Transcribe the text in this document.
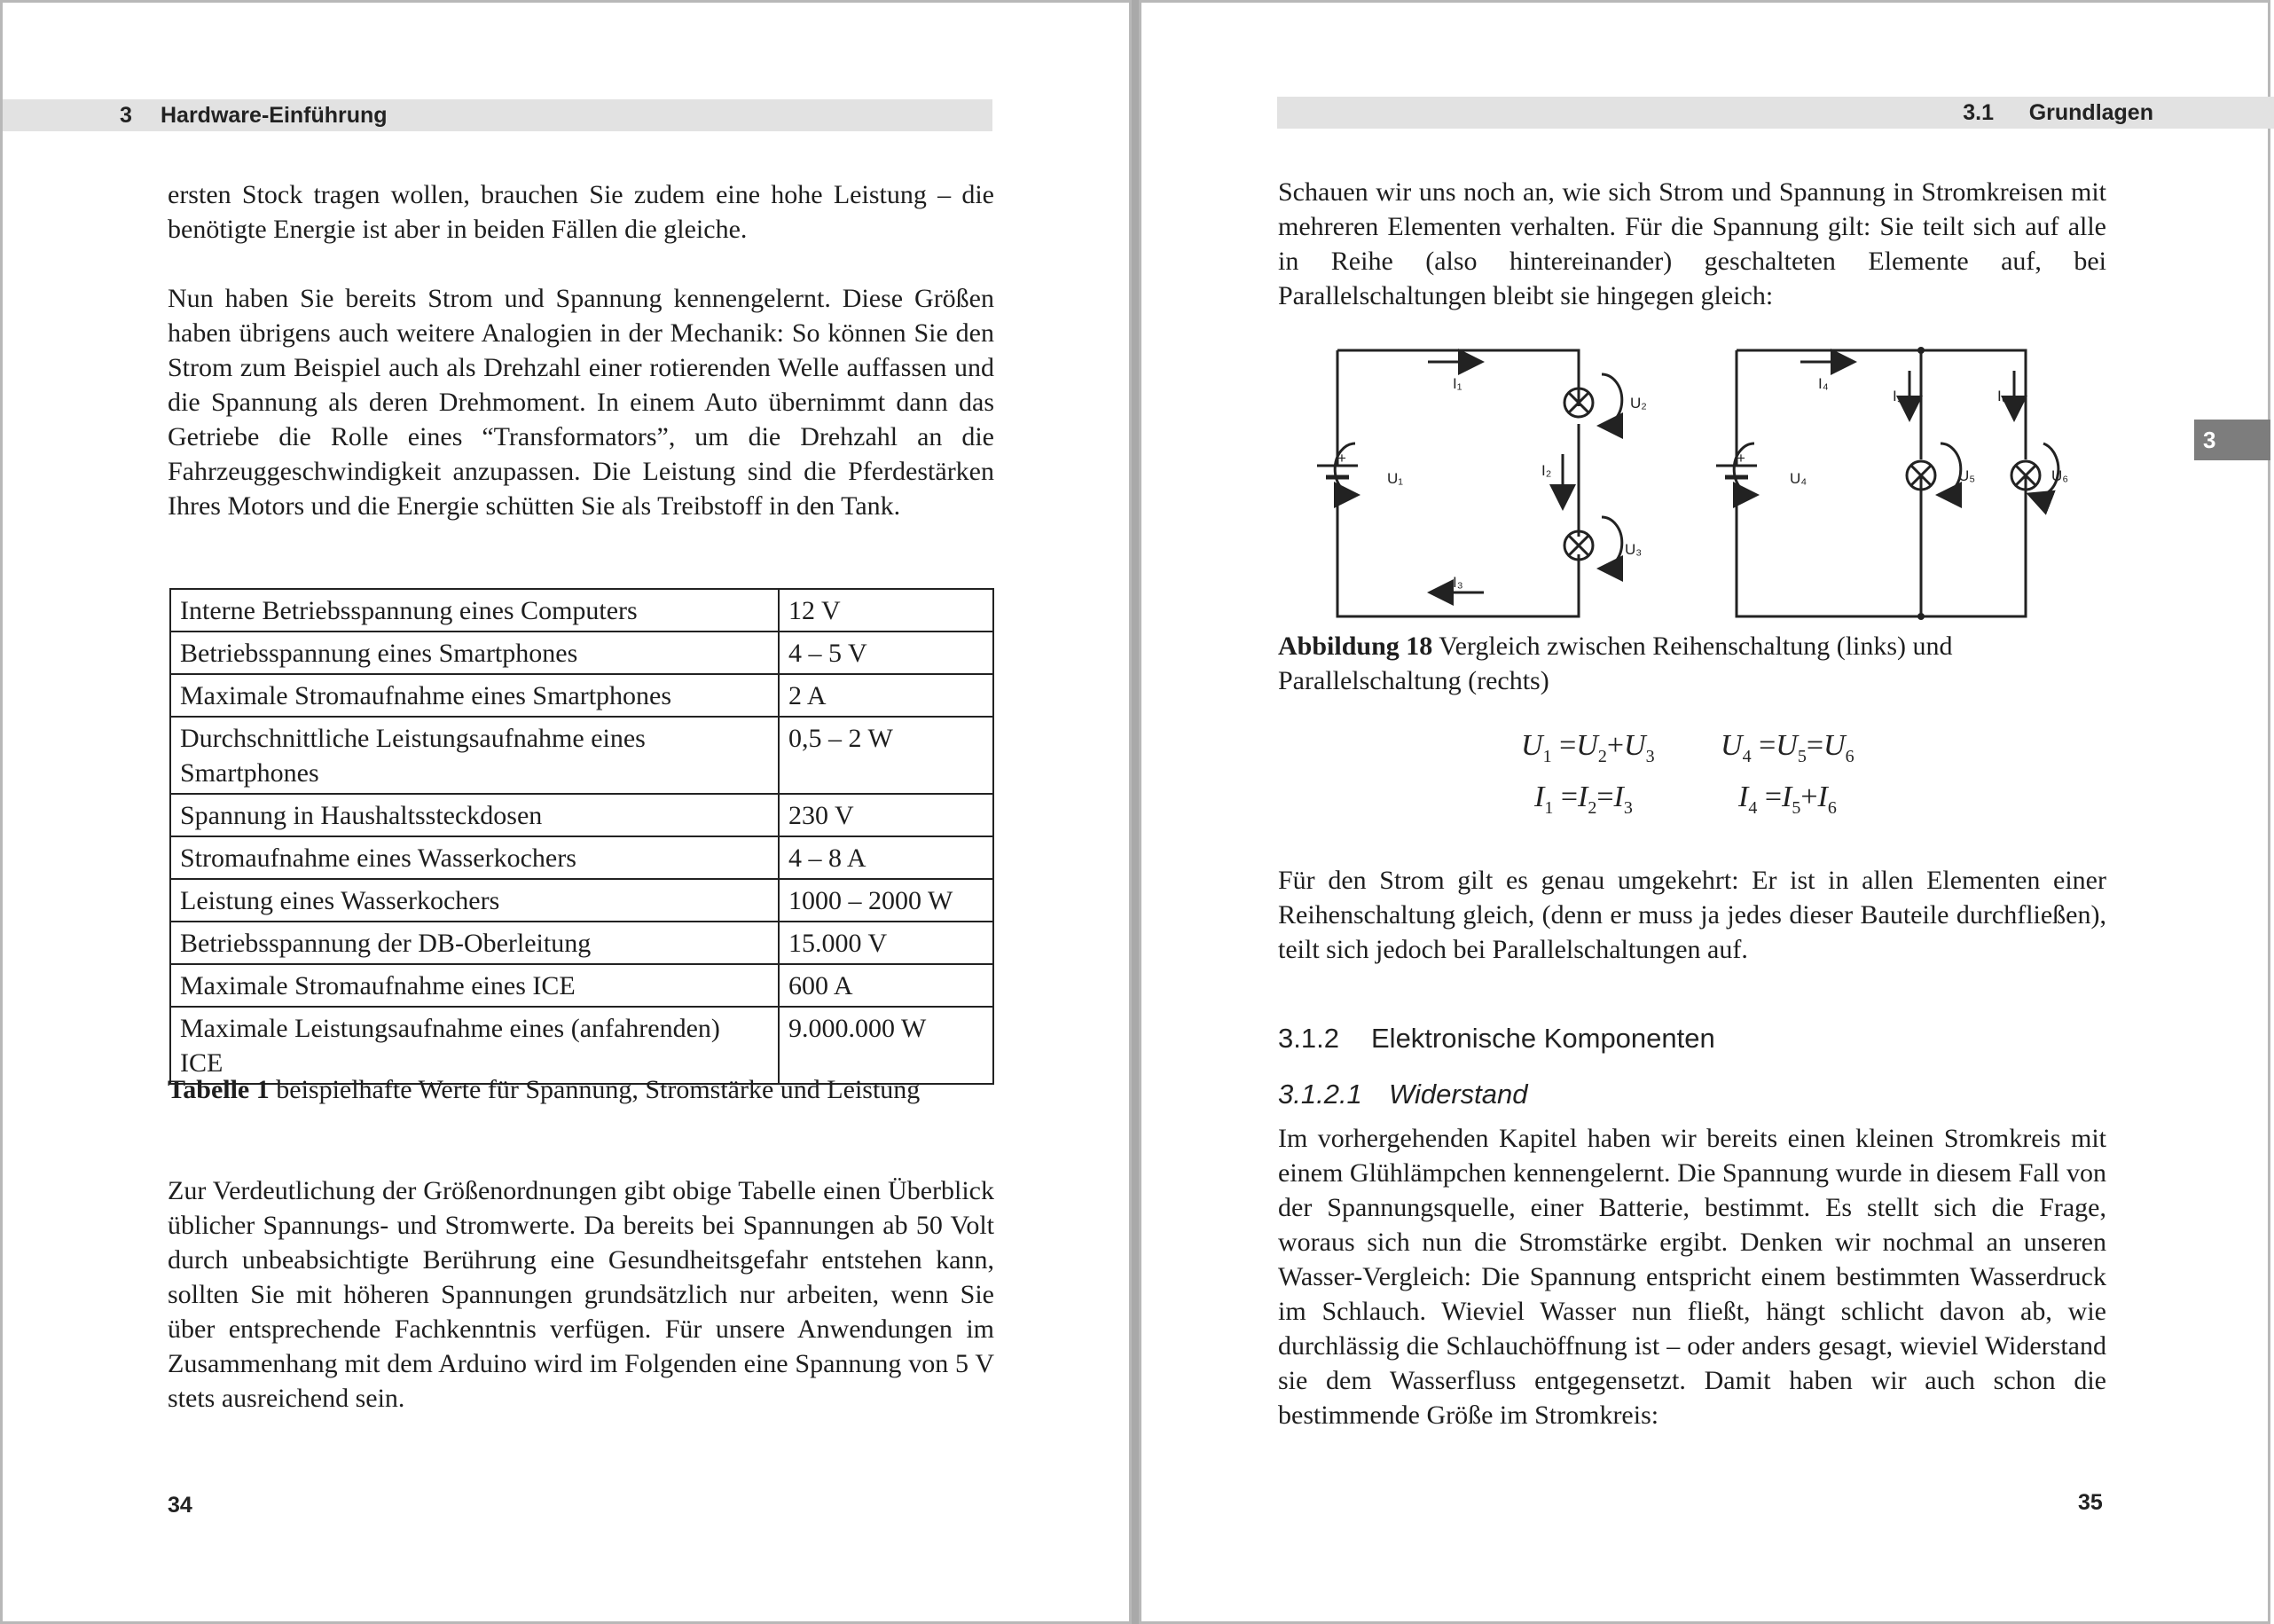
3 Hardware-Einführung

ersten Stock tragen wollen, brauchen Sie zudem eine hohe Leistung – die benötigte Energie ist aber in beiden Fällen die gleiche.

Nun haben Sie bereits Strom und Spannung kennengelernt. Diese Größen haben übrigens auch weitere Analogien in der Mechanik: So können Sie den Strom zum Beispiel auch als Drehzahl einer rotierenden Welle auffassen und die Spannung als deren Drehmoment. In einem Auto übernimmt dann das Getriebe die Rolle eines “Transformators”, um die Drehzahl an die Fahrzeuggeschwindigkeit anzupassen. Die Leistung sind die Pferdestärken Ihres Motors und die Energie schütten Sie als Treibstoff in den Tank.

Interne Betriebsspannung eines Computers	12 V
Betriebsspannung eines Smartphones	4 – 5 V
Maximale Stromaufnahme eines Smartphones	2 A
Durchschnittliche Leistungsaufnahme eines Smartphones	0,5 – 2 W
Spannung in Haushaltssteckdosen	230 V
Stromaufnahme eines Wasserkochers	4 – 8 A
Leistung eines Wasserkochers	1000 – 2000 W
Betriebsspannung der DB-Oberleitung	15.000 V
Maximale Stromaufnahme eines ICE	600 A
Maximale Leistungsaufnahme eines (anfahrenden) ICE	9.000.000 W
Tabelle 1 beispielhafte Werte für Spannung, Stromstärke und Leistung

Zur Verdeutlichung der Größenordnungen gibt obige Tabelle einen Überblick üblicher Spannungs- und Stromwerte. Da bereits bei Spannungen ab 50 Volt durch unbeabsichtigte Berührung eine Gesundheitsgefahr entstehen kann, sollten Sie mit höheren Spannungen grundsätzlich nur arbeiten, wenn Sie über entsprechende Fachkenntnis verfügen. Für unsere Anwendungen im Zusammenhang mit dem Arduino wird im Folgenden eine Spannung von 5 V stets ausreichend sein.

34
3.1 Grundlagen
3

Schauen wir uns noch an, wie sich Strom und Spannung in Stromkreisen mit mehreren Elementen verhalten. Für die Spannung gilt: Sie teilt sich auf alle in Reihe (also hintereinander) geschalteten Elemente auf, bei Parallelschaltungen bleibt sie hingegen gleich:

I₁
I₂
I₃
U₁
U₂
U₃
+
–
I₄
I₅	I₆
U₄	U₅	U₆
+
–
Abbildung 18 Vergleich zwischen Reihenschaltung (links) und Parallelschaltung (rechts)
$U_1 =U_2+U_3$ $U_4 =U_5=U_6$
$I_1 =I_2=I_3$	$I_4 =I_5+I_6$

Für den Strom gilt es genau umgekehrt: Er ist in allen Elementen einer Reihenschaltung gleich, (denn er muss ja jedes dieser Bauteile durchfließen), teilt sich jedoch bei Parallelschaltungen auf.

3.1.2 Elektronische Komponenten
3.1.2.1 Widerstand

Im vorhergehenden Kapitel haben wir bereits einen kleinen Stromkreis mit einem Glühlämpchen kennengelernt. Die Spannung wurde in diesem Fall von der Spannungsquelle, einer Batterie, bestimmt. Es stellt sich die Frage, woraus sich nun die Stromstärke ergibt. Denken wir nochmal an unseren Wasser-Vergleich: Die Spannung entspricht einem bestimmten Wasserdruck im Schlauch. Wieviel Wasser nun fließt, hängt schlicht davon ab, wie durchlässig die Schlauchöffnung ist – oder anders gesagt, wieviel Widerstand sie dem Wasserfluss entgegensetzt. Damit haben wir auch schon die bestimmende Größe im Stromkreis:

35
